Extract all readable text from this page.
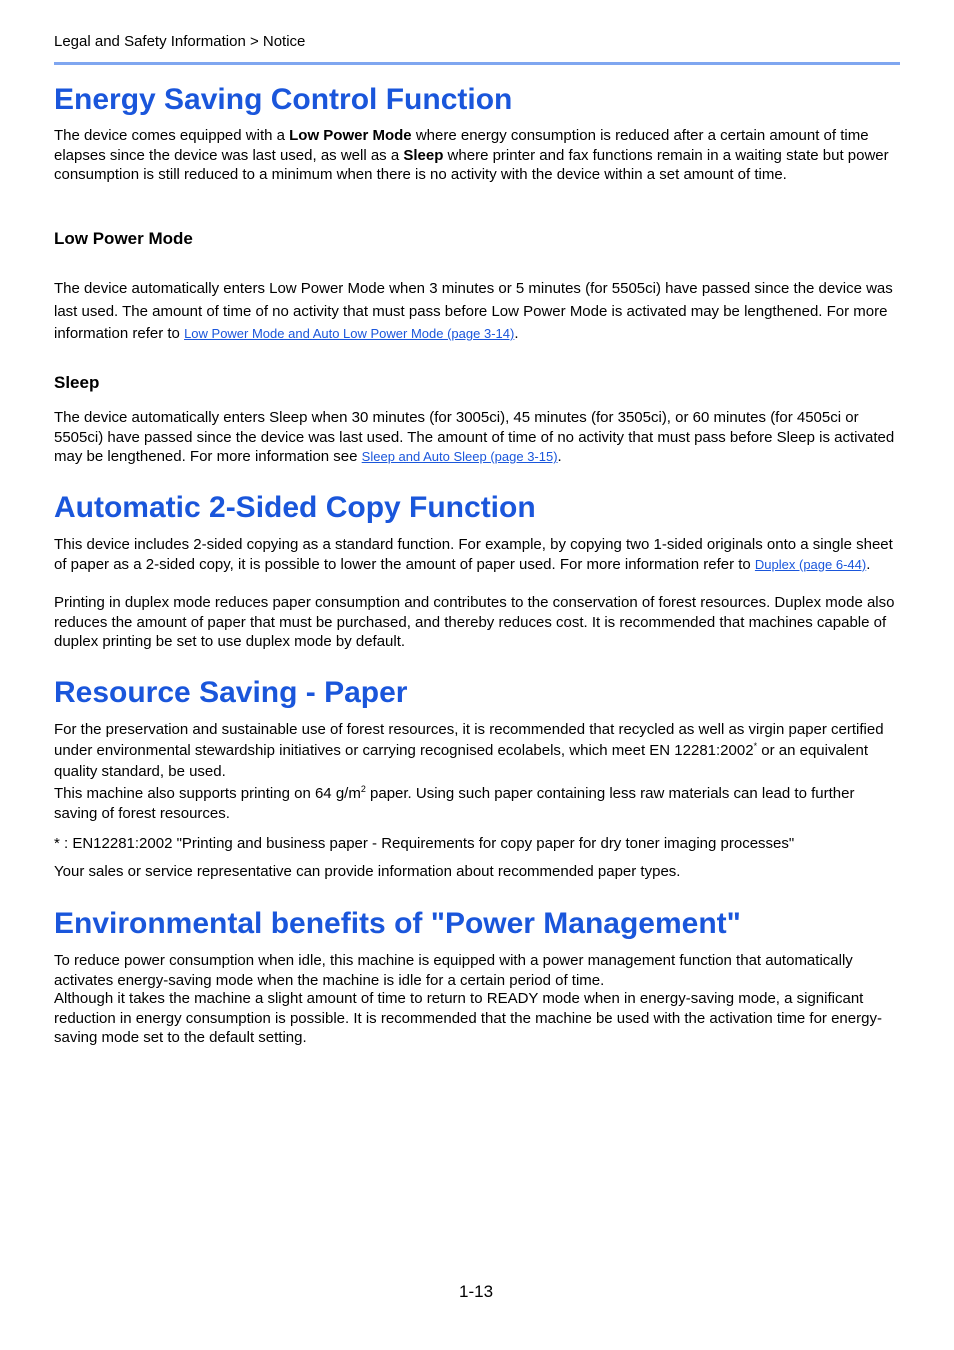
Legal and Safety Information > Notice
Energy Saving Control Function

The device comes equipped with a Low Power Mode where energy consumption is reduced after a certain amount of time elapses since the device was last used, as well as a Sleep where printer and fax functions remain in a waiting state but power consumption is still reduced to a minimum when there is no activity with the device within a set amount of time.

Low Power Mode

The device automatically enters Low Power Mode when 3 minutes or 5 minutes (for 5505ci) have passed since the device was last used. The amount of time of no activity that must pass before Low Power Mode is activated may be lengthened. For more information refer to Low Power Mode and Auto Low Power Mode (page 3-14).

Sleep

The device automatically enters Sleep when 30 minutes (for 3005ci), 45 minutes (for 3505ci), or 60 minutes (for 4505ci or 5505ci) have passed since the device was last used. The amount of time of no activity that must pass before Sleep is activated may be lengthened. For more information see Sleep and Auto Sleep (page 3-15).

Automatic 2-Sided Copy Function

This device includes 2-sided copying as a standard function. For example, by copying two 1-sided originals onto a single sheet of paper as a 2-sided copy, it is possible to lower the amount of paper used. For more information refer to Duplex (page 6-44).

Printing in duplex mode reduces paper consumption and contributes to the conservation of forest resources. Duplex mode also reduces the amount of paper that must be purchased, and thereby reduces cost. It is recommended that machines capable of duplex printing be set to use duplex mode by default.

Resource Saving - Paper

For the preservation and sustainable use of forest resources, it is recommended that recycled as well as virgin paper certified under environmental stewardship initiatives or carrying recognised ecolabels, which meet EN 12281:2002* or an equivalent quality standard, be used.

This machine also supports printing on 64 $g/m^2$ paper. Using such paper containing less raw materials can lead to further saving of forest resources.

* : EN12281:2002 "Printing and business paper - Requirements for copy paper for dry toner imaging processes"

Your sales or service representative can provide information about recommended paper types.

Environmental benefits of "Power Management"

To reduce power consumption when idle, this machine is equipped with a power management function that automatically activates energy-saving mode when the machine is idle for a certain period of time.

Although it takes the machine a slight amount of time to return to READY mode when in energy-saving mode, a significant reduction in energy consumption is possible. It is recommended that the machine be used with the activation time for energy-saving mode set to the default setting.

1-13
